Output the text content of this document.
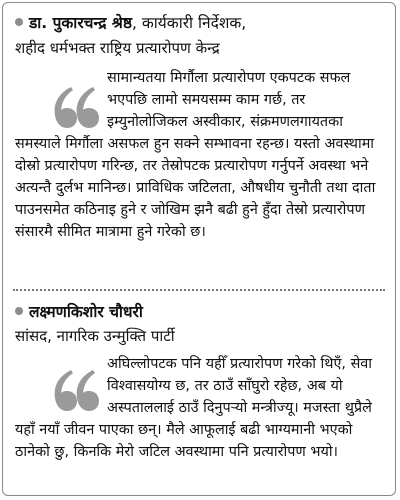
डा. पुकारचन्द्र श्रेष्ठ, कार्यकारी निर्देशक,
शहीद धर्मभक्त राष्ट्रिय प्रत्यारोपण केन्द्र
सामान्यतया मिर्गौला प्रत्यारोपण एकपटक सफल भएपछि लामो समयसम्म काम गर्छ, तर इम्युनोलोजिकल अस्वीकार, संक्रमणलगायतका समस्याले मिर्गौला असफल हुन सक्ने सम्भावना रहन्छ। यस्तो अवस्थामा दोस्रो प्रत्यारोपण गरिन्छ, तर तेस्रोपटक प्रत्यारोपण गर्नुपर्ने अवस्था भने अत्यन्तै दुर्लभ मानिन्छ। प्राविधिक जटिलता, औषधीय चुनौती तथा दाता पाउनसमेत कठिनाइ हुने र जोखिम झनै बढी हुने हुँदा तेस्रो प्रत्यारोपण संसारमै सीमित मात्रामा हुने गरेको छ।
लक्ष्मणकिशोर चौधरी
सांसद, नागरिक उन्मुक्ति पार्टी
अघिल्लोपटक पनि यहीँ प्रत्यारोपण गरेको थिएँ, सेवा विश्वासयोग्य छ, तर ठाउँ साँघुरो रहेछ, अब यो अस्पताललाई ठाउँ दिनुपर्‍यो मन्त्रीज्यू। मजस्ता थुप्रैले यहाँ नयाँ जीवन पाएका छन्। मैले आफूलाई बढी भाग्यमानी भएको ठानेको छु, किनकि मेरो जटिल अवस्थामा पनि प्रत्यारोपण भयो।
